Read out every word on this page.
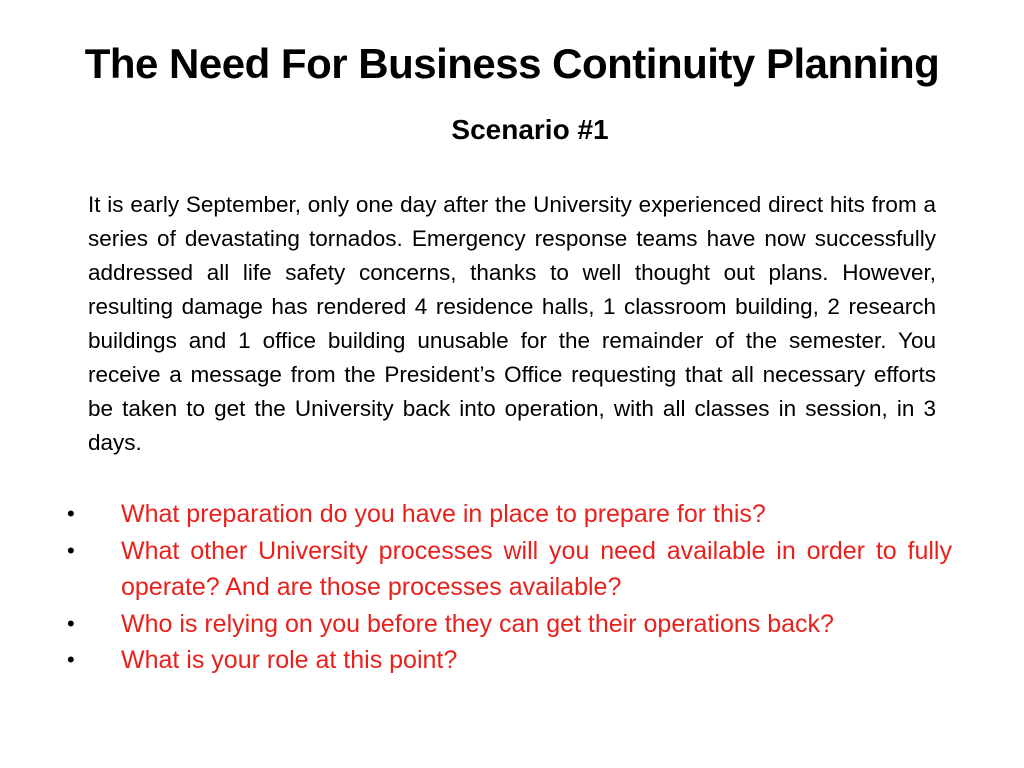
The Need For Business Continuity Planning
Scenario #1

It is early September, only one day after the University experienced direct hits from a series of devastating tornados. Emergency response teams have now successfully addressed all life safety concerns, thanks to well thought out plans. However, resulting damage has rendered 4 residence halls, 1 classroom building, 2 research buildings and 1 office building unusable for the remainder of the semester. You receive a message from the President’s Office requesting that all necessary efforts be taken to get the University back into operation, with all classes in session, in 3 days.

• What preparation do you have in place to prepare for this?
• What other University processes will you need available in order to fully operate? And are those processes available?
• Who is relying on you before they can get their operations back?
• What is your role at this point?
